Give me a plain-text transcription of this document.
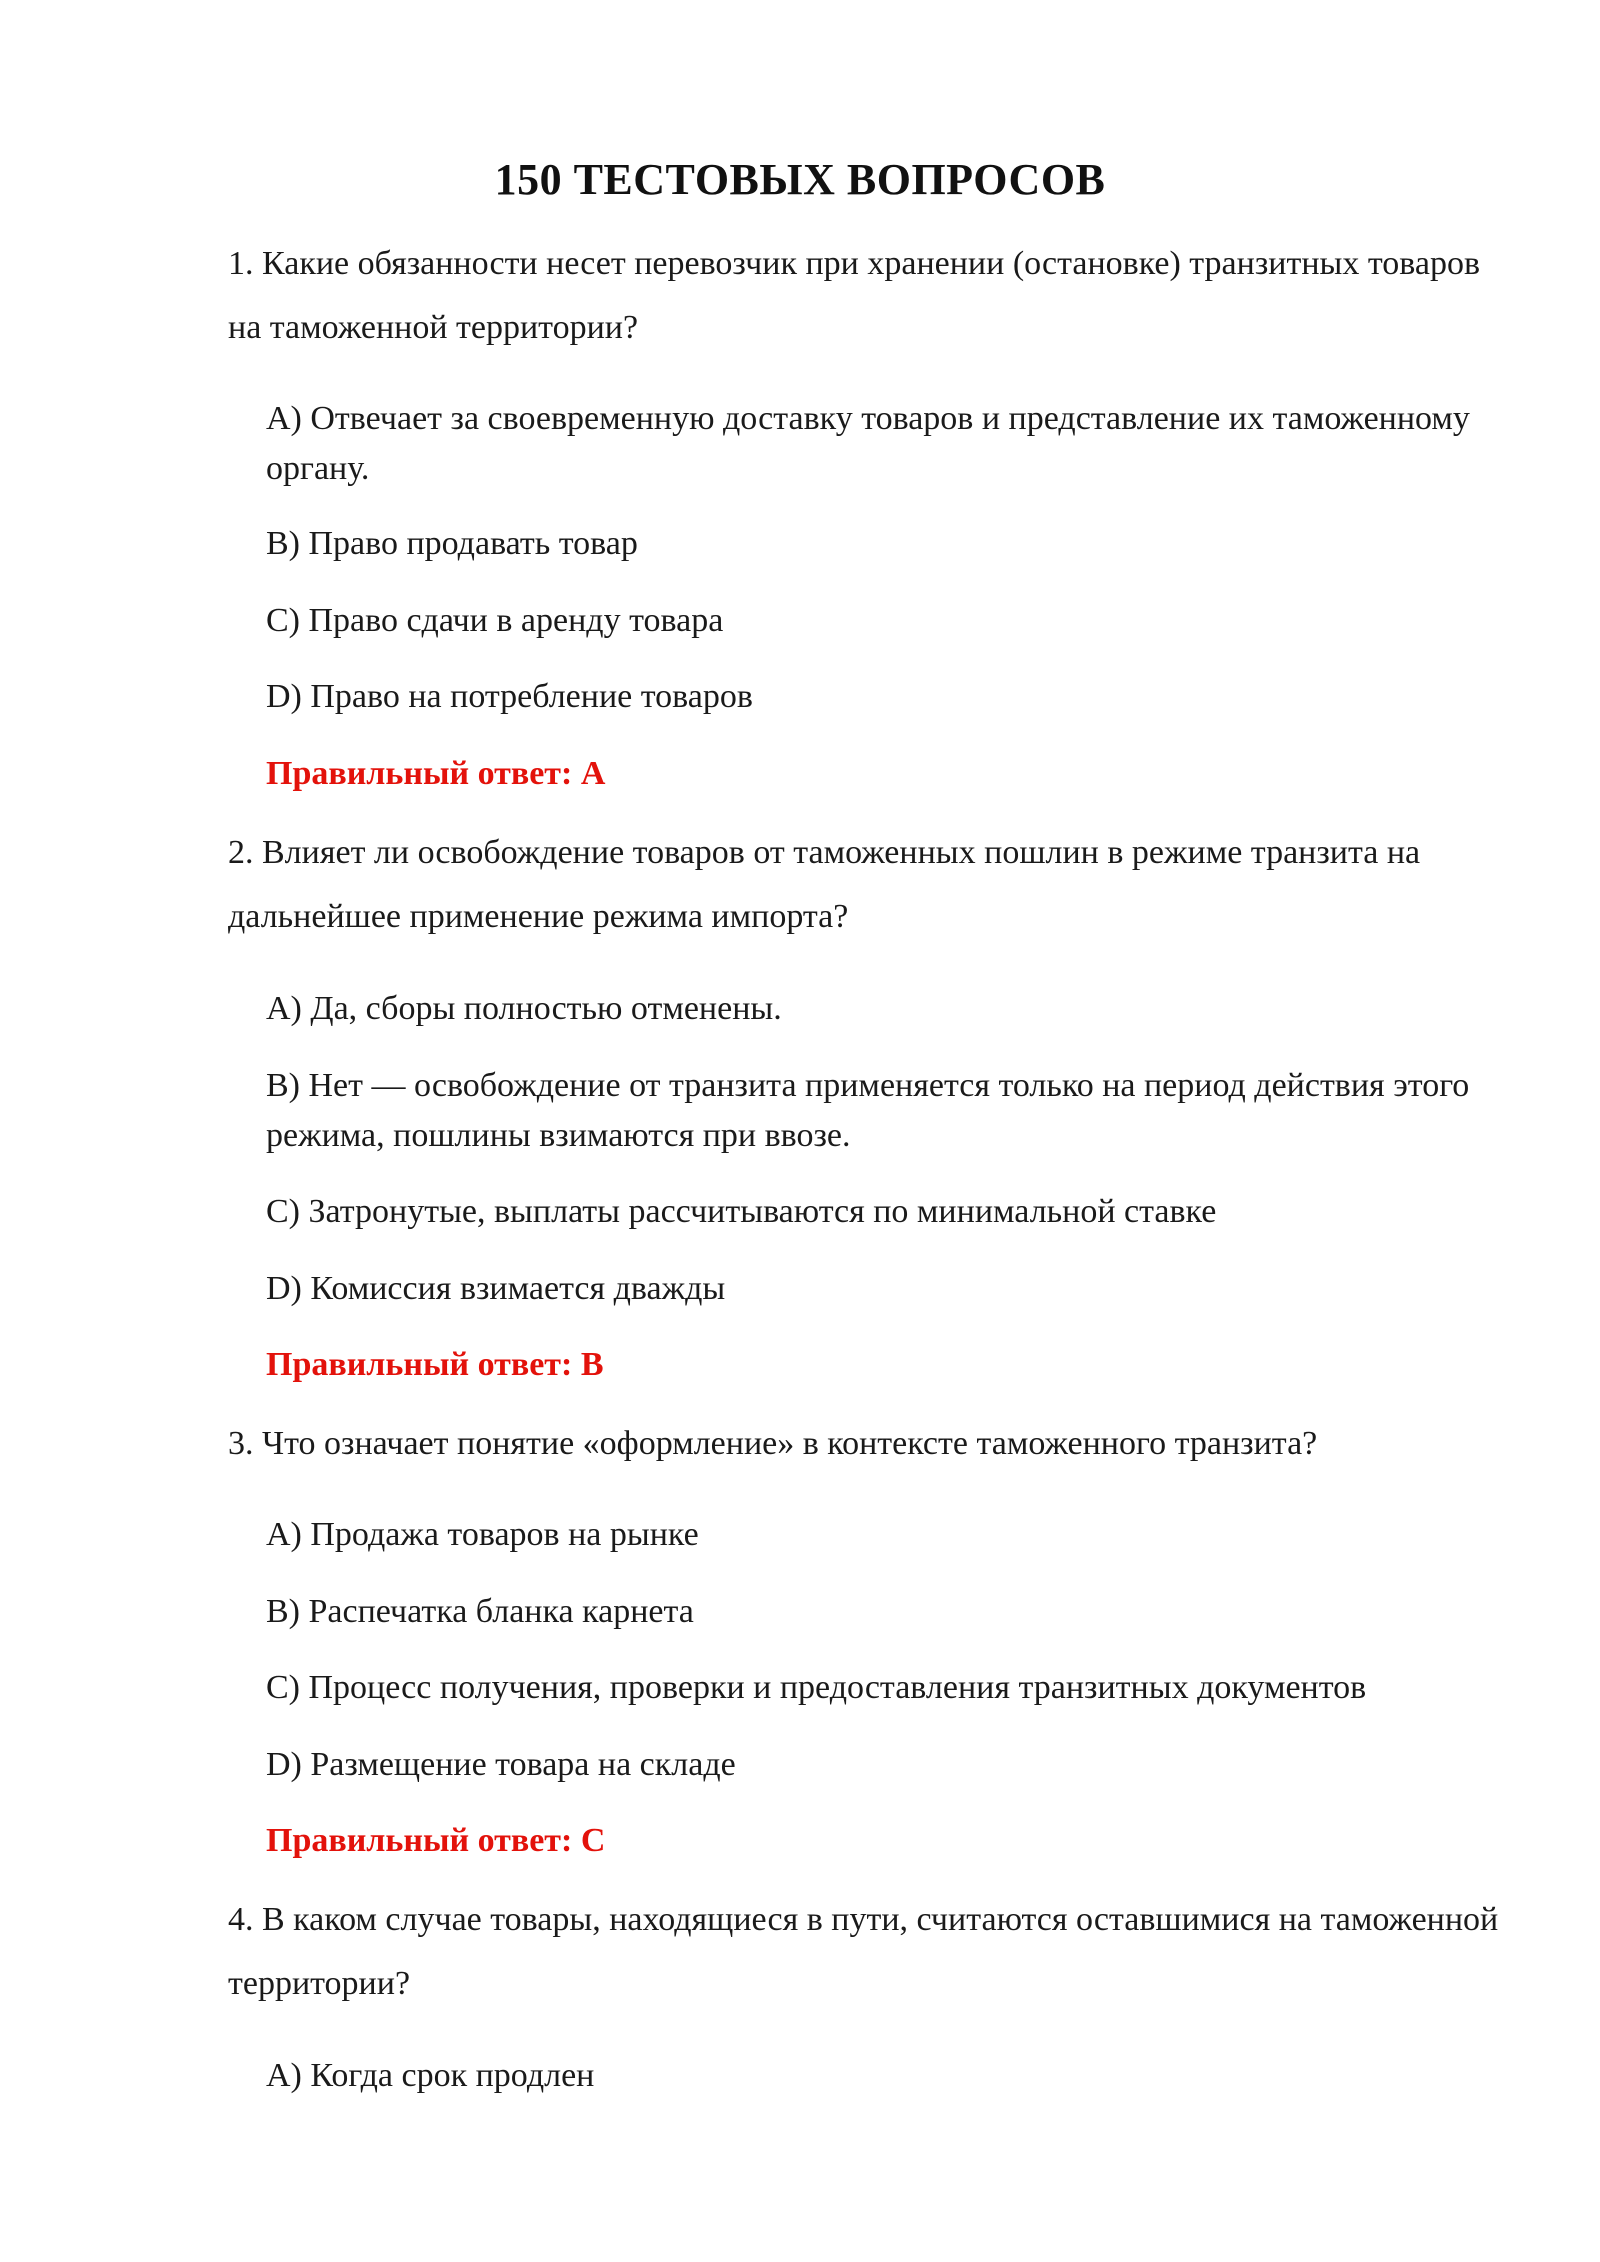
150 ТЕСТОВЫХ ВОПРОСОВ
1. Какие обязанности несет перевозчик при хранении (остановке) транзитных товаров на таможенной территории?
A) Отвечает за своевременную доставку товаров и представление их таможенному органу.
B) Право продавать товар
C) Право сдачи в аренду товара
D) Право на потребление товаров
Правильный ответ: A
2. Влияет ли освобождение товаров от таможенных пошлин в режиме транзита на дальнейшее применение режима импорта?
A) Да, сборы полностью отменены.
B) Нет — освобождение от транзита применяется только на период действия этого режима, пошлины взимаются при ввозе.
C) Затронутые, выплаты рассчитываются по минимальной ставке
D) Комиссия взимается дважды
Правильный ответ: B
3. Что означает понятие «оформление» в контексте таможенного транзита?
A) Продажа товаров на рынке
B) Распечатка бланка карнета
C) Процесс получения, проверки и предоставления транзитных документов
D) Размещение товара на складе
Правильный ответ: C
4. В каком случае товары, находящиеся в пути, считаются оставшимися на таможенной территории?
A) Когда срок продлен
